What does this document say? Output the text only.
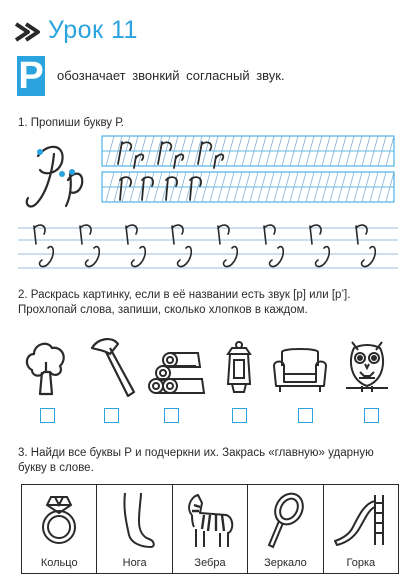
Урок 11
Р обозначает звонкий согласный звук.
1. Пропиши букву Р.
2. Раскрась картинку, если в её названии есть звук [р] или [р’]. Прохлопай слова, запиши, сколько хлопков в каждом.
3. Найди все буквы Р и подчеркни их. Закрась «главную» ударную букву в слове.
Кольцо	Нога	Зебра	Зеркало	Горка
